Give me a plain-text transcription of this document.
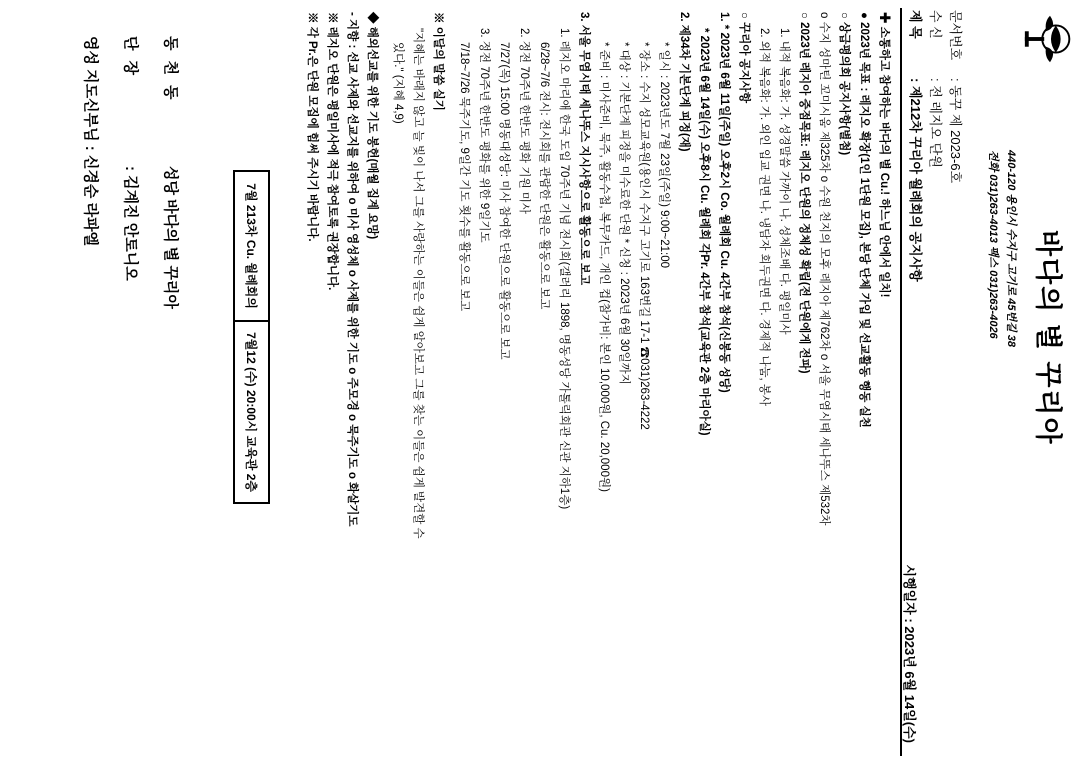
바다의 별 꾸리아
440-120 용인시 수지구 고기로 45번길 38
전화 031)263-4013 팩스 031)263-4026
문서번호: 동꾸 제 2023-6호
수 신: 전 레지오 단원
제 목: 제212차 꾸리아 월례회의 공지사항
시행일자 : 2023년 6월 14일(수)
✚ 소통하고 참여하는 바다의 별 Cu.! 하느님 안에서 일치!
● 2023년 목표 : 레지오 확장(1인 1단원 모집), 본당 단체 가입 및 선교활동 행동 실천
○ 상급평의회 공지사항(별첨)
o 수지 성마틴 꼬미시움 제325차 o 수원 천지의 모후 레지아 제762차 o 서울 무염시태 세나뚜스 제532차
○ 2023년 레지아 중점목표: 레지오 단원의 정체성 확립(전 단원에게 전파)
1. 내적 복음화: 가. 성경말씀 가까이 나. 성체조배 다. 평일미사
2. 외적 복음화: 가. 외인 입교 권면 나. 냉담자 회두권면 다. 경제적 나눔, 봉사
○ 꾸리아 공지사항
1. * 2023년 6월 11일(주일) 오후2시 Co. 월례회 Cu. 4간부 참석(신봉동 성당)
* 2023년 6월 14일(수) 오후8시 Cu. 월례회 각Pr. 4간부 참석(교육관 2층 마리아실)
2. 제34차 기본단계 피정(재)
* 일시 : 2023년도 7월 23일(주일) 9:00~21:00
* 장소 : 수지 성모교육원(용인시 수지구 고기로 163번길 17-1 ☎031)263-4222
* 대상 : 기본단계 피정을 미수료한 단원 * 신청 : 2023년 6월 30일까지
* 준비 : 미사준비, 묵주, 활동수첩, 복무카드, 개인 컵(참가비: 본인 10,000원, Cu. 20,000원)
3. 서울 무염시태 세나뚜스 지시사항으로 활동으로 보고
1. 레지오 마리애 한국 도입 70주년 기념 전시회(갤러리 1898, 명동성당 가톨릭회관 신관 지하1층)
6/28~7/6 전시: 전시회를 관람한 단원은 활동으로 보고
2. 정전 70주년 한반도 평화 기원 미사
7/27(목) 15:00 명동대성당: 미사 참여한 단원으로 활동으로 보고
3. 정전 70주년 한반도 평화를 위한 9일기도
7/18~7/26 묵주기도, 9일간 기도 횟수를 활동으로 보고
※ 이달의 말씀 실기
"지혜는 바래지 않고 늘 빛이 나서 그를 사랑하는 이들은 쉽게 알아보고 그를 찾는 이들은 쉽게 발견할 수
있다." (지혜 4,9)
◆ 해외선교를 위한 기도 봉헌(매월 집계 요망)
- 지향 : 선교 사제와 선교지를 위하여 o 미사 영성체 o 사제를 위한 기도 o 주모경 o 묵주기도 o 화살기도
※ 레지오 단원은 평일미사에 적극 참여토록 권장합니다.
※ 각 Pr.은 단원 모집에 힘써 주시기 바랍니다.
7월 213차 Cu. 월례회의
7월12 (수) 20:00시 교육관 2층
동천동성당 바다의 별 꾸리아
단장: 김계진 안토니오
영성 지도신부님 : 신경순 라파엘
